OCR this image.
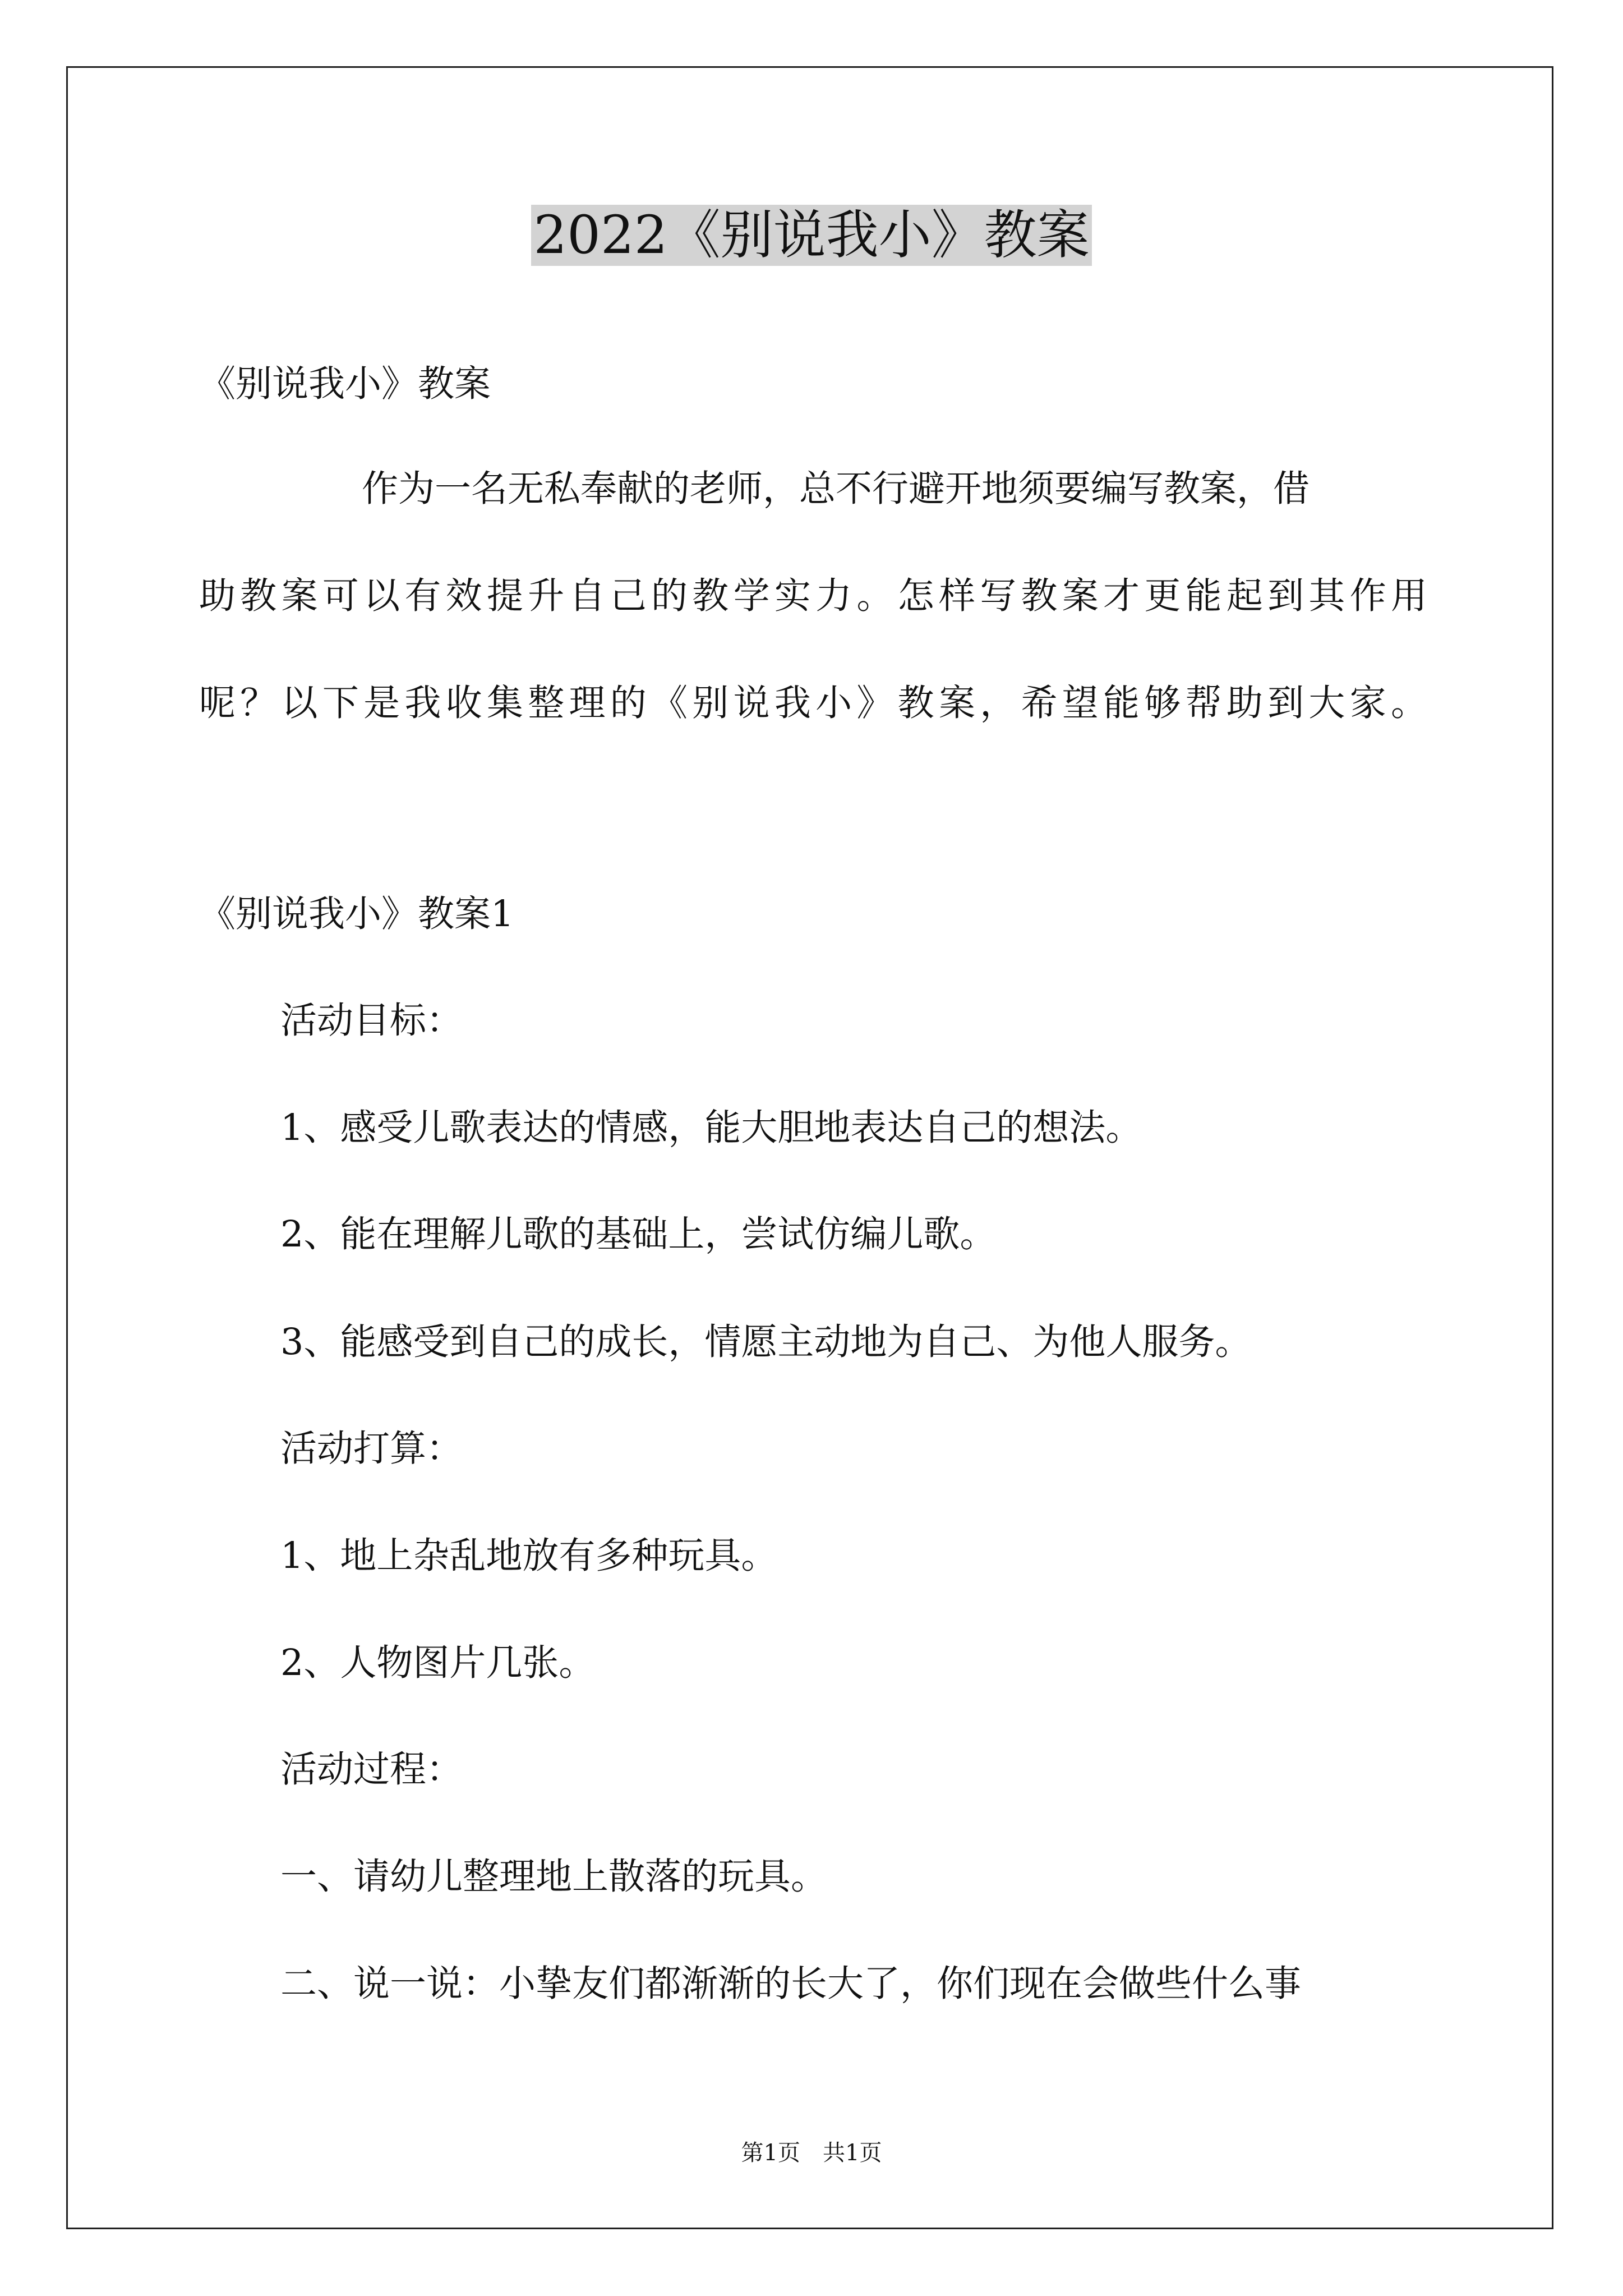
2022《别说我小》教案
《别说我小》教案
作为一名无私奉献的老师，总不行避开地须要编写教案，借
助教案可以有效提升自己的教学实力。怎样写教案才更能起到其作用
呢？以下是我收集整理的《别说我小》教案，希望能够帮助到大家。
《别说我小》教案1
活动目标：
1、感受儿歌表达的情感，能大胆地表达自己的想法。
2、能在理解儿歌的基础上，尝试仿编儿歌。
3、能感受到自己的成长，情愿主动地为自己、为他人服务。
活动打算：
1、地上杂乱地放有多种玩具。
2、人物图片几张。
活动过程：
一、请幼儿整理地上散落的玩具。
二、说一说：小挚友们都渐渐的长大了，你们现在会做些什么事
第1页　共1页
